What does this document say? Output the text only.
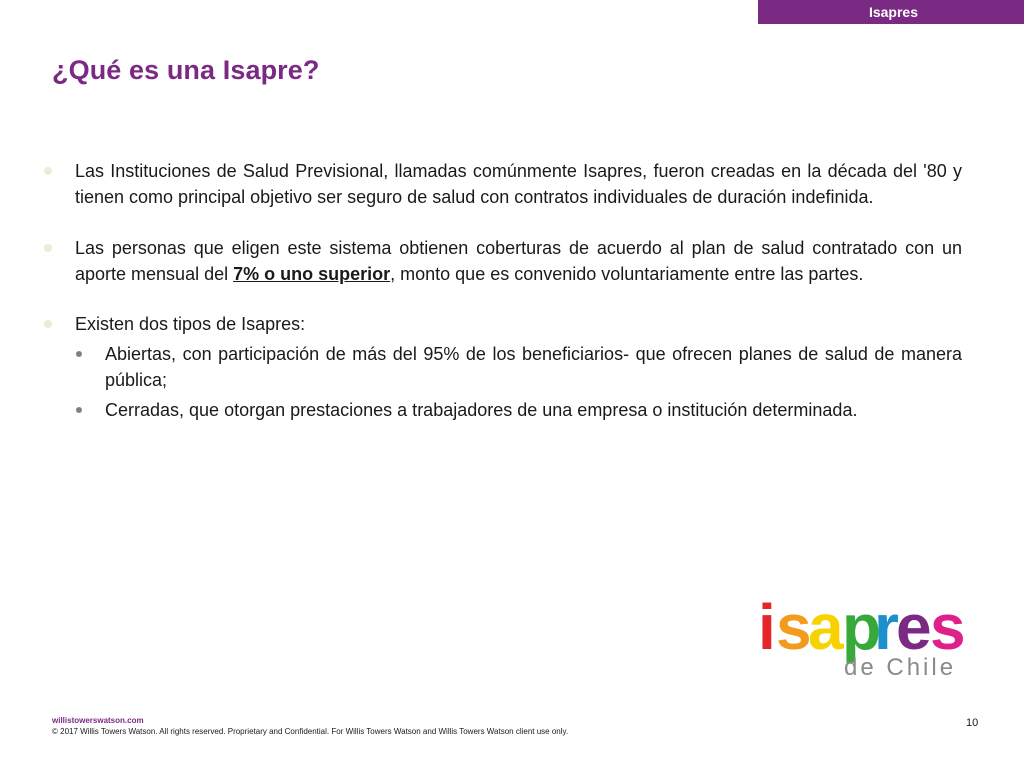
Isapres
¿Qué es una Isapre?

Las Instituciones de Salud Previsional, llamadas comúnmente Isapres, fueron creadas en la década del '80 y tienen como principal objetivo ser seguro de salud con contratos individuales de duración indefinida.

Las personas que eligen este sistema obtienen coberturas de acuerdo al plan de salud contratado con un aporte mensual del 7% o uno superior, monto que es convenido voluntariamente entre las partes.

Existen dos tipos de Isapres:

Abiertas, con participación de más del 95% de los beneficiarios- que ofrecen planes de salud de manera pública;

Cerradas, que otorgan prestaciones a trabajadores de una empresa o institución determinada.

i s
a
p
r
e
s
de Chile
willistowerswatson.com
© 2017 Willis Towers Watson. All rights reserved. Proprietary and Confidential. For Willis Towers Watson and Willis Towers Watson client use only.
10
